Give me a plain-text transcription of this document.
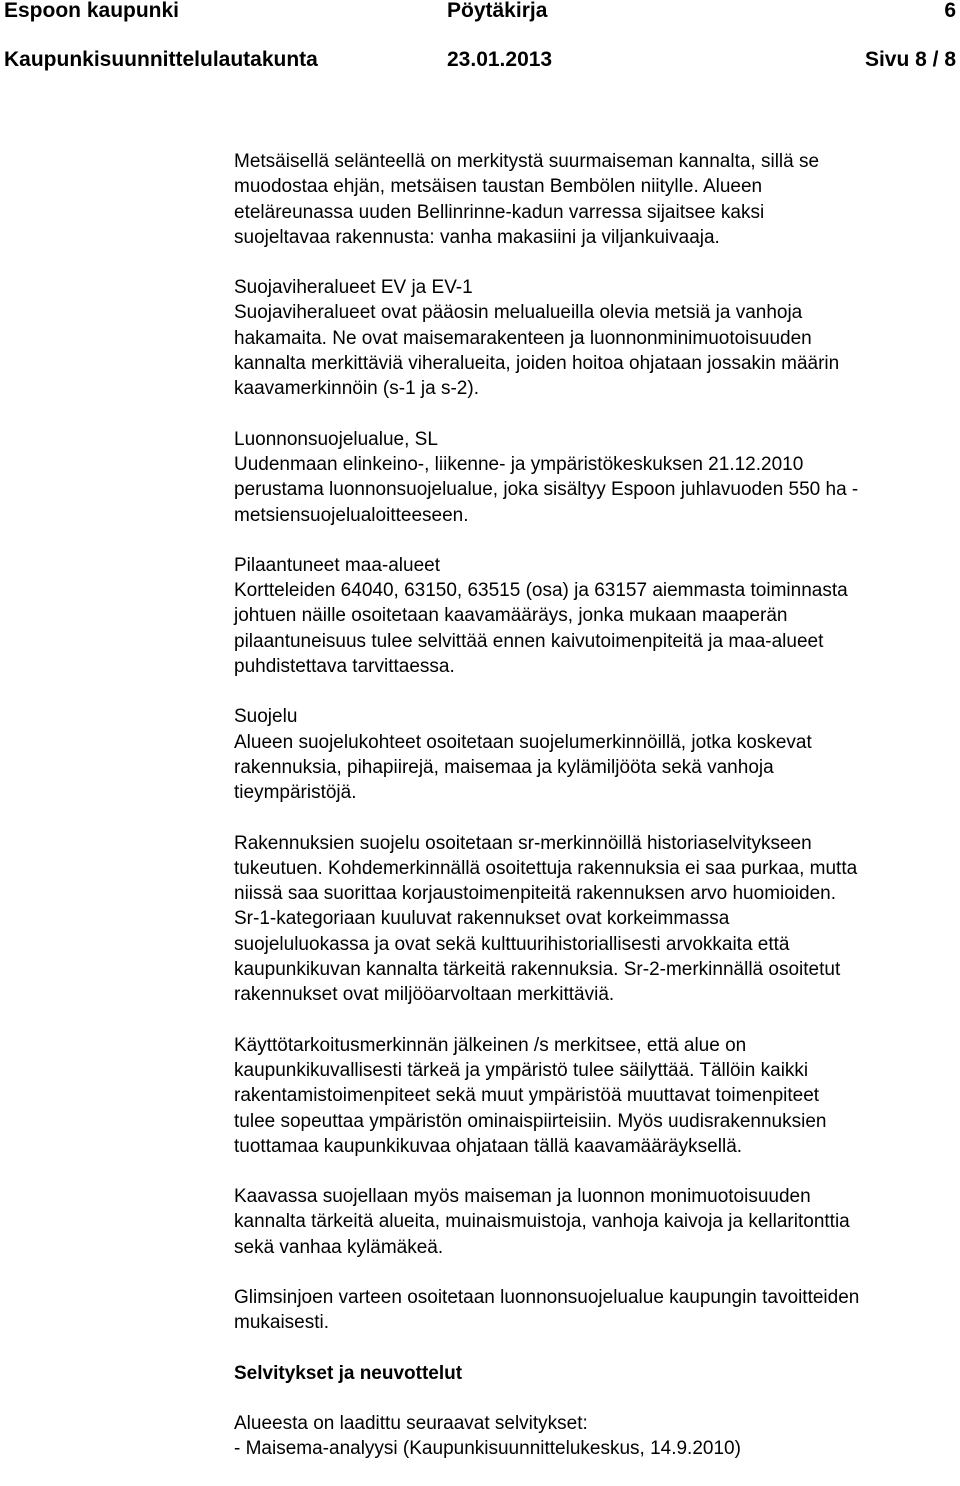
Espoon kaupunki	Pöytäkirja	6
Kaupunkisuunnittelulautakunta	23.01.2013	Sivu 8 / 8
Metsäisellä selänteellä on merkitystä suurmaiseman kannalta, sillä se
muodostaa ehjän, metsäisen taustan Bembölen niitylle. Alueen
eteläreunassa uuden Bellinrinne-kadun varressa sijaitsee kaksi
suojeltavaa rakennusta: vanha makasiini ja viljankuivaaja.
Suojaviheralueet EV ja EV-1
Suojaviheralueet ovat pääosin melualueilla olevia metsiä ja vanhoja
hakamaita. Ne ovat maisemarakenteen ja luonnonminimuotoisuuden
kannalta merkittäviä viheralueita, joiden hoitoa ohjataan jossakin määrin
kaavamerkinnöin (s-1 ja s-2).
Luonnonsuojelualue, SL
Uudenmaan elinkeino-, liikenne- ja ympäristökeskuksen 21.12.2010
perustama luonnonsuojelualue, joka sisältyy Espoon juhlavuoden 550 ha -
metsiensuojelualoitteeseen.
Pilaantuneet maa-alueet
Kortteleiden 64040, 63150, 63515 (osa) ja 63157 aiemmasta toiminnasta
johtuen näille osoitetaan kaavamääräys, jonka mukaan maaperän
pilaantuneisuus tulee selvittää ennen kaivutoimenpiteitä ja maa-alueet
puhdistettava tarvittaessa.
Suojelu
Alueen suojelukohteet osoitetaan suojelumerkinnöillä, jotka koskevat
rakennuksia, pihapiirejä, maisemaa ja kylämiljööta sekä vanhoja
tieympäristöjä.
Rakennuksien suojelu osoitetaan sr-merkinnöillä historiaselvitykseen
tukeutuen. Kohdemerkinnällä osoitettuja rakennuksia ei saa purkaa, mutta
niissä saa suorittaa korjaustoimenpiteitä rakennuksen arvo huomioiden.
Sr-1-kategoriaan kuuluvat rakennukset ovat korkeimmassa
suojeluluokassa ja ovat sekä kulttuurihistoriallisesti arvokkaita että
kaupunkikuvan kannalta tärkeitä rakennuksia. Sr-2-merkinnällä osoitetut
rakennukset ovat miljööarvoltaan merkittäviä.
Käyttötarkoitusmerkinnän jälkeinen /s merkitsee, että alue on
kaupunkikuvallisesti tärkeä ja ympäristö tulee säilyttää. Tällöin kaikki
rakentamistoimenpiteet sekä muut ympäristöä muuttavat toimenpiteet
tulee sopeuttaa ympäristön ominaispiirteisiin. Myös uudisrakennuksien
tuottamaa kaupunkikuvaa ohjataan tällä kaavamääräyksellä.
Kaavassa suojellaan myös maiseman ja luonnon monimuotoisuuden
kannalta tärkeitä alueita, muinaismuistoja, vanhoja kaivoja ja kellaritonttia
sekä vanhaa kylämäkeä.
Glimsinjoen varteen osoitetaan luonnonsuojelualue kaupungin tavoitteiden
mukaisesti.
Selvitykset ja neuvottelut
Alueesta on laadittu seuraavat selvitykset:
- Maisema-analyysi (Kaupunkisuunnittelukeskus, 14.9.2010)
